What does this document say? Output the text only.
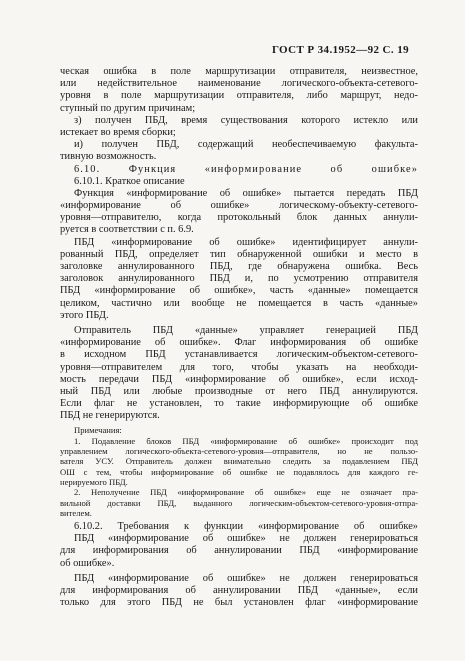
ГОСТ Р 34.1952—92 С. 19
ческая ошибка в поле маршрутизации отправителя, неизвестное,
или недействительное наименование логического-объекта-сетевого-
уровня в поле маршрутизации отправителя, либо маршрут, недо-
ступный по другим причинам;
з) получен ПБД, время существования которого истекло или
истекает во время сборки;
и) получен ПБД, содержащий необеспечиваемую факульта-
тивную возможность.
6.10. Функция «информирование об ошибке»
6.10.1. Краткое описание
Функция «информирование об ошибке» пытается передать ПБД
«информирование об ошибке» логическому-объекту-сетевого-
уровня—отправителю, когда протокольный блок данных аннули-
руется в соответствии с п. 6.9.
ПБД «информирование об ошибке» идентифицирует аннули-
рованный ПБД, определяет тип обнаруженной ошибки и место в
заголовке аннулированного ПБД, где обнаружена ошибка. Весь
заголовок аннулированного ПБД и, по усмотрению отправителя
ПБД «информирование об ошибке», часть «данные» помещается
целиком, частично или вообще не помещается в часть «данные»
этого ПБД.
Отправитель ПБД «данные» управляет генерацией ПБД
«информирование об ошибке». Флаг информирования об ошибке
в исходном ПБД устанавливается логическим-объектом-сетевого-
уровня—отправителем для того, чтобы указать на необходи-
мость передачи ПБД «информирование об ошибке», если исход-
ный ПБД или любые производные от него ПБД аннулируются.
Если флаг не установлен, то такие информирующие об ошибке
ПБД не генерируются.
Примечания:
1. Подавление блоков ПБД «информирование об ошибке» происходит под
управлением логического-объекта-сетевого-уровня—отправителя, но не пользо-
вателя УСУ. Отправитель должен внимательно следить за подавлением ПБД
ОШ с тем, чтобы информирование об ошибке не подавлялось для каждого ге-
нерируемого ПБД.
2. Неполучение ПБД «информирование об ошибке» еще не означает пра-
вильной доставки ПБД, выданного логическим-объектом-сетевого-уровня-отпра-
вителем.
6.10.2. Требования к функции «информирование об ошибке»
ПБД «информирование об ошибке» не должен генерироваться
для информирования об аннулировании ПБД «информирование
об ошибке».
ПБД «информирование об ошибке» не должен генерироваться
для информирования об аннулировании ПБД «данные», если
только для этого ПБД не был установлен флаг «информирование
